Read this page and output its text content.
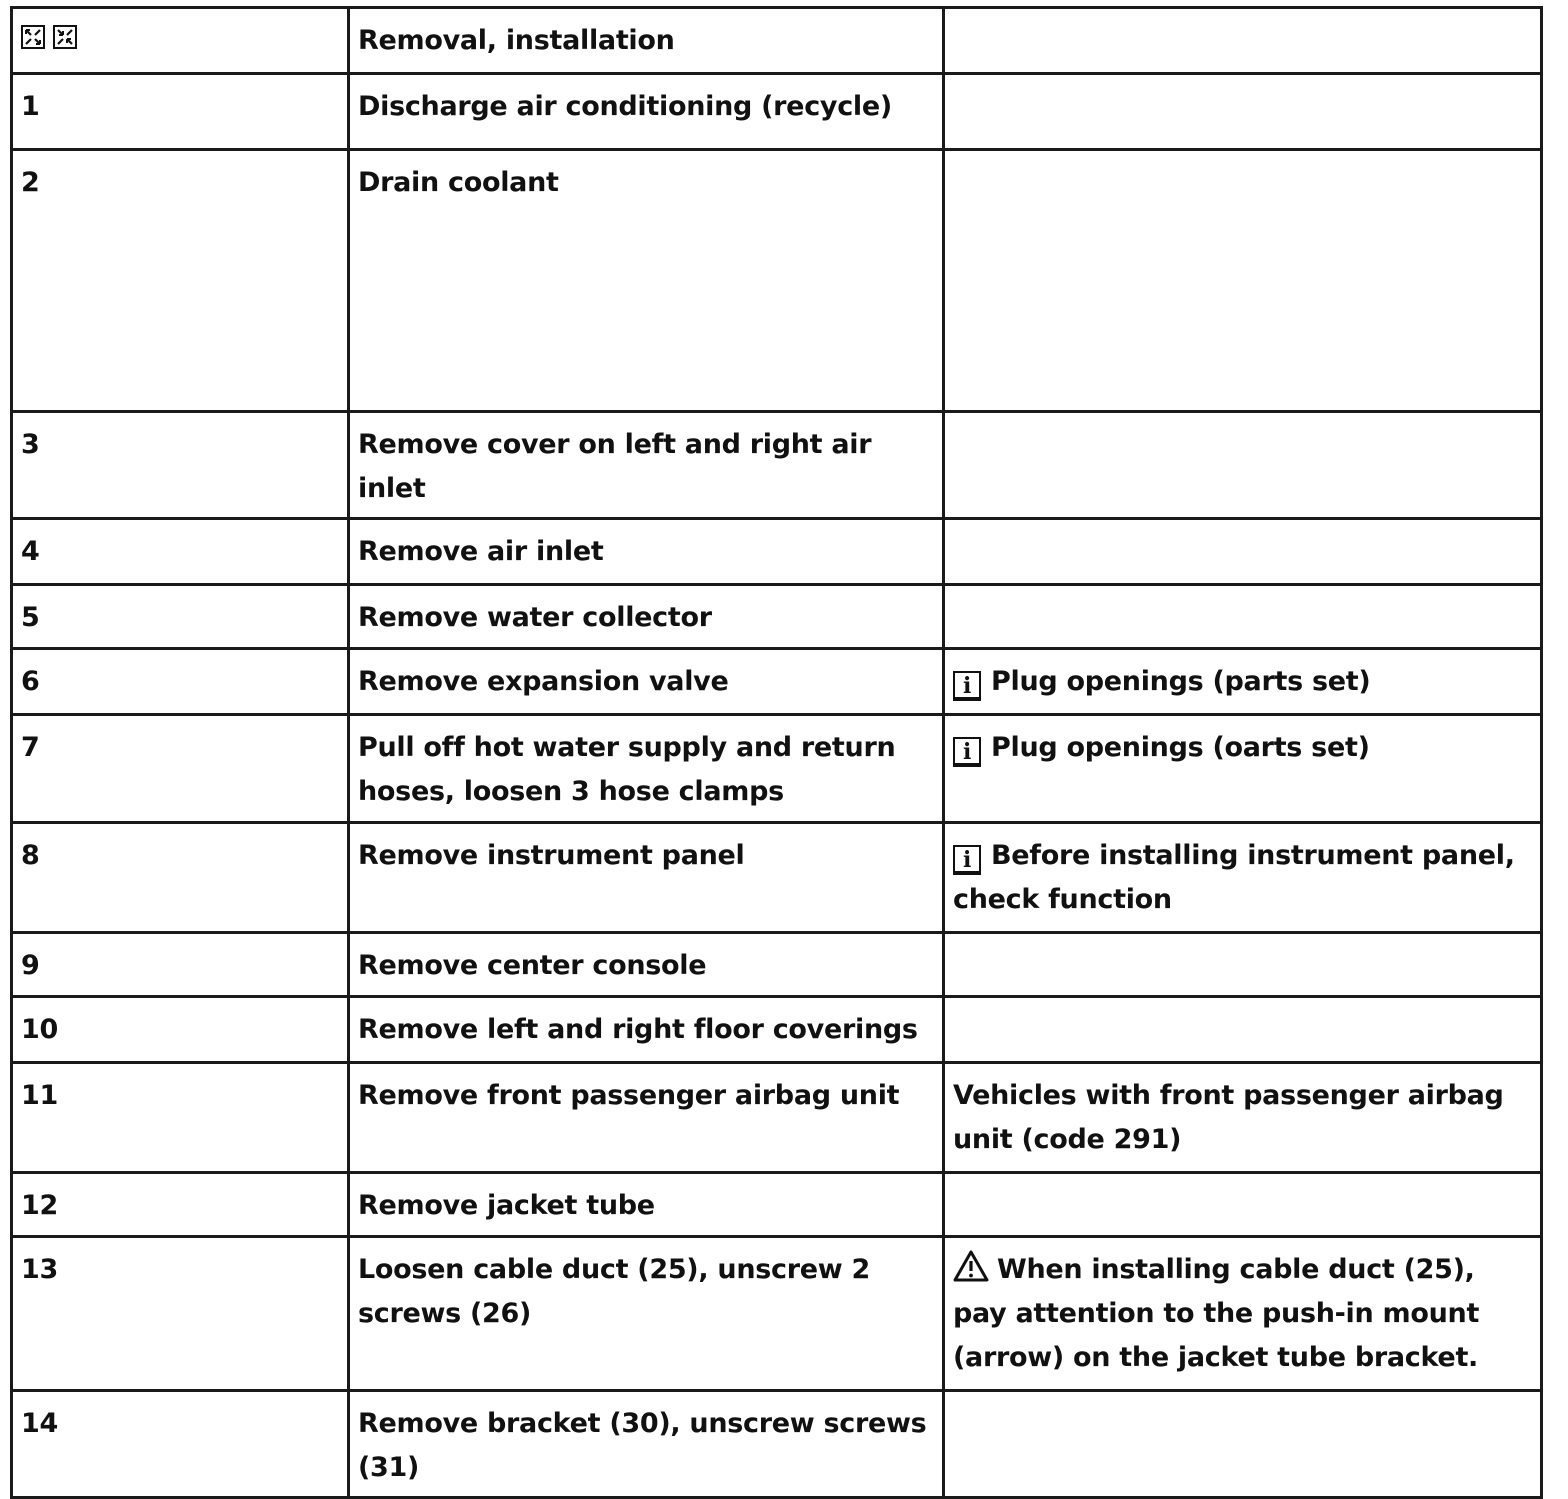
	Removal, installation	
1	Discharge air conditioning (recycle)	
2	Drain coolant	
3	Remove cover on left and right air inlet	
4	Remove air inlet	
5	Remove water collector	
6	Remove expansion valve	i Plug openings (parts set)
7	Pull off hot water supply and return hoses, loosen 3 hose clamps	i Plug openings (oarts set)
8	Remove instrument panel	i Before installing instrument panel, check function
9	Remove center console	
10	Remove left and right floor coverings	
11	Remove front passenger airbag unit	Vehicles with front passenger airbag unit (code 291)
12	Remove jacket tube	
13	Loosen cable duct (25), unscrew 2 screws (26)	When installing cable duct (25), pay attention to the push-in mount (arrow) on the jacket tube bracket.
14	Remove bracket (30), unscrew screws (31)	
